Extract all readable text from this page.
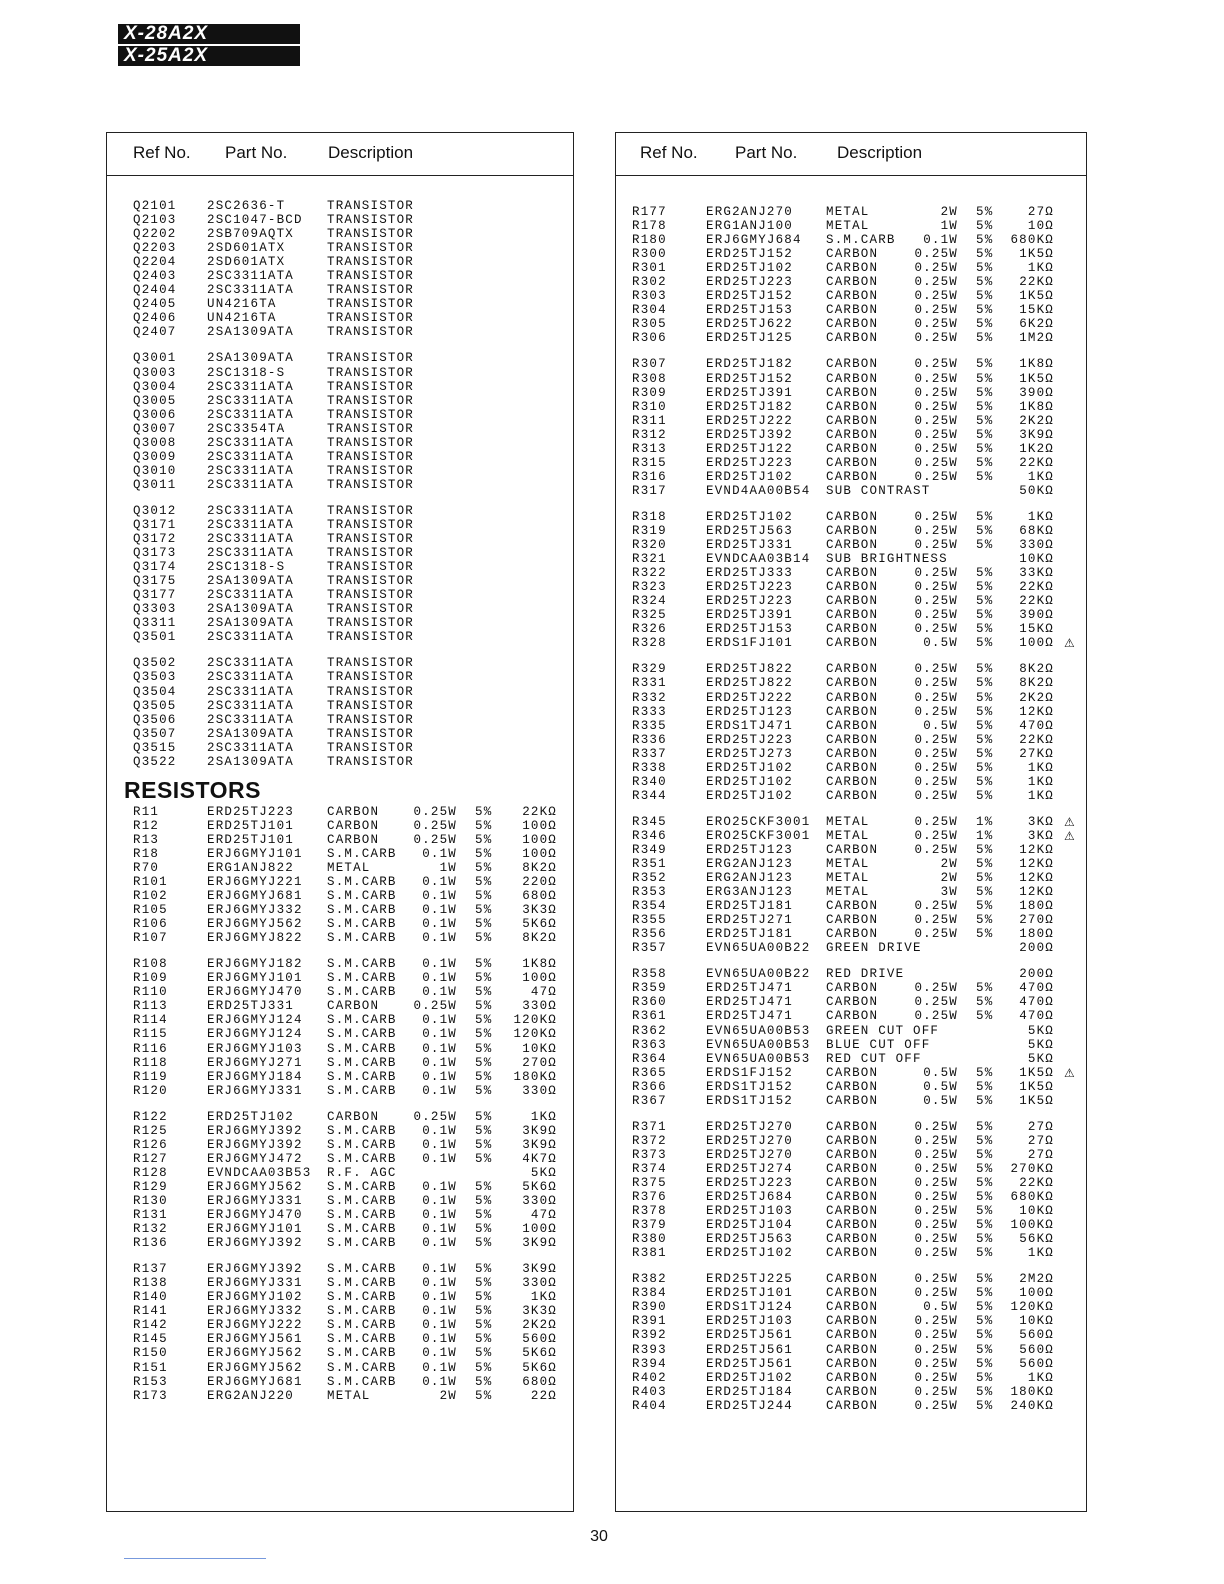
X-28A2X
X-25A2X
Ref No. Part No. Description
Q2101 2SC2636-T	TRANSISTOR
Q2103 2SC1047-BCD TRANSISTOR
Q2202 2SB709AQTX	TRANSISTOR
Q2203 2SD601ATX	TRANSISTOR
Q2204 2SD601ATX	TRANSISTOR
Q2403 2SC3311ATA	TRANSISTOR
Q2404 2SC3311ATA	TRANSISTOR
Q2405 UN4216TA	TRANSISTOR
Q2406 UN4216TA	TRANSISTOR
Q2407 2SA1309ATA	TRANSISTOR
Q3001 2SA1309ATA	TRANSISTOR
Q3003 2SC1318-S	TRANSISTOR
Q3004 2SC3311ATA	TRANSISTOR
Q3005 2SC3311ATA	TRANSISTOR
Q3006 2SC3311ATA	TRANSISTOR
Q3007 2SC3354TA	TRANSISTOR
Q3008 2SC3311ATA	TRANSISTOR
Q3009 2SC3311ATA	TRANSISTOR
Q3010 2SC3311ATA	TRANSISTOR
Q3011 2SC3311ATA	TRANSISTOR
Q3012 2SC3311ATA	TRANSISTOR
Q3171 2SC3311ATA	TRANSISTOR
Q3172 2SC3311ATA	TRANSISTOR
Q3173 2SC3311ATA	TRANSISTOR
Q3174 2SC1318-S	TRANSISTOR
Q3175 2SA1309ATA	TRANSISTOR
Q3177 2SC3311ATA	TRANSISTOR
Q3303 2SA1309ATA	TRANSISTOR
Q3311 2SA1309ATA	TRANSISTOR
Q3501 2SC3311ATA	TRANSISTOR
Q3502 2SC3311ATA	TRANSISTOR
Q3503 2SC3311ATA	TRANSISTOR
Q3504 2SC3311ATA	TRANSISTOR
Q3505 2SC3311ATA	TRANSISTOR
Q3506 2SC3311ATA	TRANSISTOR
Q3507 2SA1309ATA	TRANSISTOR
Q3515 2SC3311ATA	TRANSISTOR
Q3522 2SA1309ATA	TRANSISTOR
RESISTORS
R11	ERD25TJ223	CARBON	0.25W 5% 22KΩ
R12	ERD25TJ101	CARBON	0.25W 5% 100Ω
R13	ERD25TJ101	CARBON	0.25W 5% 100Ω
R18	ERJ6GMYJ101 S.M.CARB 0.1W 5% 100Ω
R70	ERG1ANJ822	METAL	1W 5% 8K2Ω
R101	ERJ6GMYJ221 S.M.CARB 0.1W 5% 220Ω
R102	ERJ6GMYJ681 S.M.CARB 0.1W 5% 680Ω
R105	ERJ6GMYJ332 S.M.CARB 0.1W 5% 3K3Ω
R106	ERJ6GMYJ562 S.M.CARB 0.1W 5% 5K6Ω
R107	ERJ6GMYJ822 S.M.CARB 0.1W 5% 8K2Ω
R108	ERJ6GMYJ182 S.M.CARB 0.1W 5% 1K8Ω
R109	ERJ6GMYJ101 S.M.CARB 0.1W 5% 100Ω
R110	ERJ6GMYJ470 S.M.CARB 0.1W 5%	47Ω
R113	ERD25TJ331	CARBON	0.25W 5% 330Ω
R114	ERJ6GMYJ124 S.M.CARB 0.1W 5% 120KΩ
R115	ERJ6GMYJ124 S.M.CARB 0.1W 5% 120KΩ
R116	ERJ6GMYJ103 S.M.CARB 0.1W 5% 10KΩ
R118	ERJ6GMYJ271 S.M.CARB 0.1W 5% 270Ω
R119	ERJ6GMYJ184 S.M.CARB 0.1W 5% 180KΩ
R120	ERJ6GMYJ331 S.M.CARB 0.1W 5% 330Ω
R122	ERD25TJ102	CARBON	0.25W 5%	1KΩ
R125	ERJ6GMYJ392 S.M.CARB 0.1W 5% 3K9Ω
R126	ERJ6GMYJ392 S.M.CARB 0.1W 5% 3K9Ω
R127	ERJ6GMYJ472 S.M.CARB 0.1W 5% 4K7Ω
R128	EVNDCAA03B53 R.F. AGC	5KΩ
R129	ERJ6GMYJ562 S.M.CARB 0.1W 5% 5K6Ω
R130	ERJ6GMYJ331 S.M.CARB 0.1W 5% 330Ω
R131	ERJ6GMYJ470 S.M.CARB 0.1W 5%	47Ω
R132	ERJ6GMYJ101 S.M.CARB 0.1W 5% 100Ω
R136	ERJ6GMYJ392 S.M.CARB 0.1W 5% 3K9Ω
R137	ERJ6GMYJ392 S.M.CARB 0.1W 5% 3K9Ω
R138	ERJ6GMYJ331 S.M.CARB 0.1W 5% 330Ω
R140	ERJ6GMYJ102 S.M.CARB 0.1W 5%	1KΩ
R141	ERJ6GMYJ332 S.M.CARB 0.1W 5% 3K3Ω
R142	ERJ6GMYJ222 S.M.CARB 0.1W 5% 2K2Ω
R145	ERJ6GMYJ561 S.M.CARB 0.1W 5% 560Ω
R150	ERJ6GMYJ562 S.M.CARB 0.1W 5% 5K6Ω
R151	ERJ6GMYJ562 S.M.CARB 0.1W 5% 5K6Ω
R153	ERJ6GMYJ681 S.M.CARB 0.1W 5% 680Ω
R173	ERG2ANJ220	METAL	2W 5%	22Ω
Ref No. Part No. Description
R177	ERG2ANJ270	METAL	2W 5%	27Ω
R178	ERG1ANJ100	METAL	1W 5%	10Ω
R180	ERJ6GMYJ684 S.M.CARB 0.1W 5% 680KΩ
R300	ERD25TJ152	CARBON	0.25W 5% 1K5Ω
R301	ERD25TJ102	CARBON	0.25W 5%	1KΩ
R302	ERD25TJ223	CARBON	0.25W 5% 22KΩ
R303	ERD25TJ152	CARBON	0.25W 5% 1K5Ω
R304	ERD25TJ153	CARBON	0.25W 5% 15KΩ
R305	ERD25TJ622	CARBON	0.25W 5% 6K2Ω
R306	ERD25TJ125	CARBON	0.25W 5% 1M2Ω
R307	ERD25TJ182	CARBON	0.25W 5% 1K8Ω
R308	ERD25TJ152	CARBON	0.25W 5% 1K5Ω
R309	ERD25TJ391	CARBON	0.25W 5% 390Ω
R310	ERD25TJ182	CARBON	0.25W 5% 1K8Ω
R311	ERD25TJ222	CARBON	0.25W 5% 2K2Ω
R312	ERD25TJ392	CARBON	0.25W 5% 3K9Ω
R313	ERD25TJ122	CARBON	0.25W 5% 1K2Ω
R315	ERD25TJ223	CARBON	0.25W 5% 22KΩ
R316	ERD25TJ102	CARBON	0.25W 5%	1KΩ
R317	EVND4AA00B54 SUB CONTRAST	50KΩ
R318	ERD25TJ102	CARBON	0.25W 5%	1KΩ
R319	ERD25TJ563	CARBON	0.25W 5% 68KΩ
R320	ERD25TJ331	CARBON	0.25W 5% 330Ω
R321	EVNDCAA03B14 SUB BRIGHTNESS	10KΩ
R322	ERD25TJ333	CARBON	0.25W 5% 33KΩ
R323	ERD25TJ223	CARBON	0.25W 5% 22KΩ
R324	ERD25TJ223	CARBON	0.25W 5% 22KΩ
R325	ERD25TJ391	CARBON	0.25W 5% 390Ω
R326	ERD25TJ153	CARBON	0.25W 5% 15KΩ
R328	ERDS1FJ101	CARBON	0.5W 5% 100Ω ⚠
R329	ERD25TJ822	CARBON	0.25W 5% 8K2Ω
R331	ERD25TJ822	CARBON	0.25W 5% 8K2Ω
R332	ERD25TJ222	CARBON	0.25W 5% 2K2Ω
R333	ERD25TJ123	CARBON	0.25W 5% 12KΩ
R335	ERDS1TJ471	CARBON	0.5W 5% 470Ω
R336	ERD25TJ223	CARBON	0.25W 5% 22KΩ
R337	ERD25TJ273	CARBON	0.25W 5% 27KΩ
R338	ERD25TJ102	CARBON	0.25W 5%	1KΩ
R340	ERD25TJ102	CARBON	0.25W 5%	1KΩ
R344	ERD25TJ102	CARBON	0.25W 5%	1KΩ
R345	ERO25CKF3001 METAL	0.25W 1%	3KΩ ⚠
R346	ERO25CKF3001 METAL	0.25W 1%	3KΩ ⚠
R349	ERD25TJ123	CARBON	0.25W 5% 12KΩ
R351	ERG2ANJ123	METAL	2W 5% 12KΩ
R352	ERG2ANJ123	METAL	2W 5% 12KΩ
R353	ERG3ANJ123	METAL	3W 5% 12KΩ
R354	ERD25TJ181	CARBON	0.25W 5% 180Ω
R355	ERD25TJ271	CARBON	0.25W 5% 270Ω
R356	ERD25TJ181	CARBON	0.25W 5% 180Ω
R357	EVN65UA00B22 GREEN DRIVE	200Ω
R358	EVN65UA00B22 RED DRIVE	200Ω
R359	ERD25TJ471	CARBON	0.25W 5% 470Ω
R360	ERD25TJ471	CARBON	0.25W 5% 470Ω
R361	ERD25TJ471	CARBON	0.25W 5% 470Ω
R362	EVN65UA00B53 GREEN CUT OFF	5KΩ
R363	EVN65UA00B53 BLUE CUT OFF	5KΩ
R364	EVN65UA00B53 RED CUT OFF	5KΩ
R365	ERDS1FJ152	CARBON	0.5W 5% 1K5Ω ⚠
R366	ERDS1TJ152	CARBON	0.5W 5% 1K5Ω
R367	ERDS1TJ152	CARBON	0.5W 5% 1K5Ω
R371	ERD25TJ270	CARBON	0.25W 5%	27Ω
R372	ERD25TJ270	CARBON	0.25W 5%	27Ω
R373	ERD25TJ270	CARBON	0.25W 5%	27Ω
R374	ERD25TJ274	CARBON	0.25W 5% 270KΩ
R375	ERD25TJ223	CARBON	0.25W 5% 22KΩ
R376	ERD25TJ684	CARBON	0.25W 5% 680KΩ
R378	ERD25TJ103	CARBON	0.25W 5% 10KΩ
R379	ERD25TJ104	CARBON	0.25W 5% 100KΩ
R380	ERD25TJ563	CARBON	0.25W 5% 56KΩ
R381	ERD25TJ102	CARBON	0.25W 5%	1KΩ
R382	ERD25TJ225	CARBON	0.25W 5% 2M2Ω
R384	ERD25TJ101	CARBON	0.25W 5% 100Ω
R390	ERDS1TJ124	CARBON	0.5W 5% 120KΩ
R391	ERD25TJ103	CARBON	0.25W 5% 10KΩ
R392	ERD25TJ561	CARBON	0.25W 5% 560Ω
R393	ERD25TJ561	CARBON	0.25W 5% 560Ω
R394	ERD25TJ561	CARBON	0.25W 5% 560Ω
R402	ERD25TJ102	CARBON	0.25W 5%	1KΩ
R403	ERD25TJ184	CARBON	0.25W 5% 180KΩ
R404	ERD25TJ244	CARBON	0.25W 5% 240KΩ
30
